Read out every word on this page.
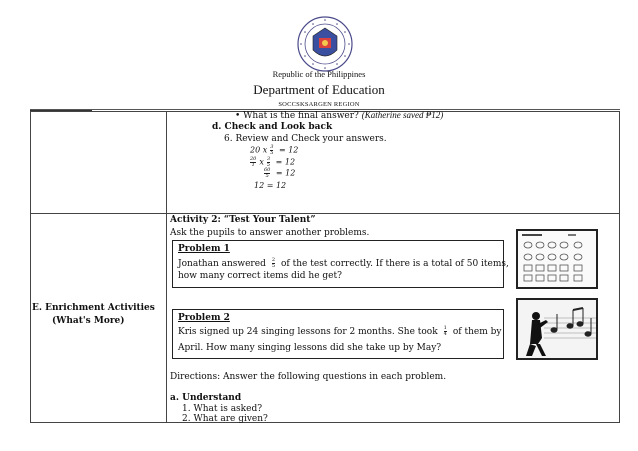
Republic of the Philippines
Department of Education
SOCCSKSARGEN REGION
• What is the final answer? (Katherine saved ₱12)
d. Check and Look back
6. Review and Check your answers.
20 x $\frac{3}{5} = 12$
$\frac{20}{1}$ x $\frac{3}{5} = 12$
$\frac{60}{5} = 12$
12 = 12
E. Enrichment Activities
(What's More)
Activity 2: “Test Your Talent”
Ask the pupils to answer another problems.
Problem 1
Jonathan answered $\frac{2}{5}$ of the test correctly. If there is a total of 50 items,
how many correct items did he get?
Problem 2
Kris signed up 24 singing lessons for 2 months. She took $\frac{1}{4}$ of them by
April. How many singing lessons did she take up by May?
Directions: Answer the following questions in each problem.
a. Understand
1. What is asked?
2. What are given?
